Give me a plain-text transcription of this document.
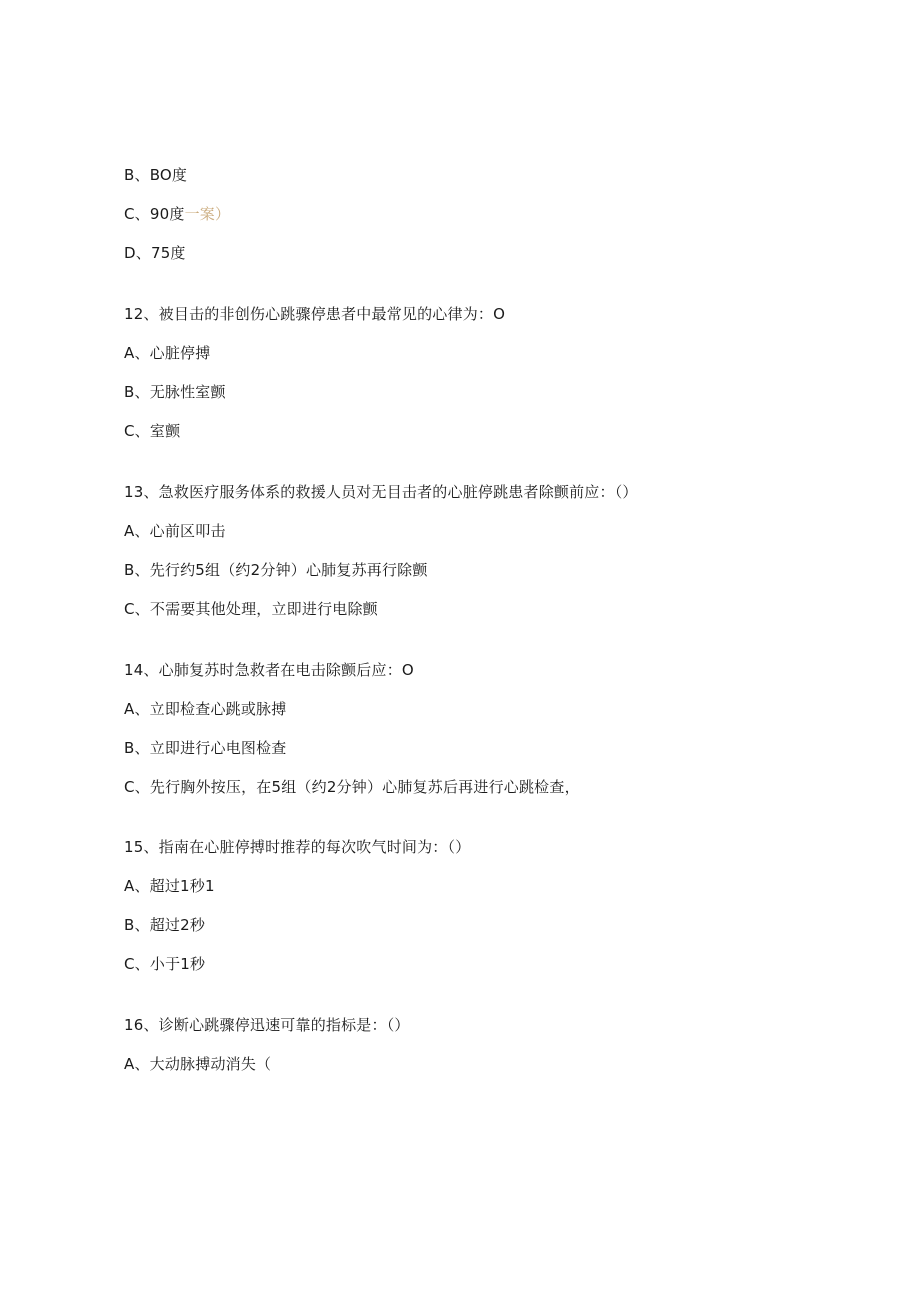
B、BO度
C、90度一案）
D、75度
12、被目击的非创伤心跳骤停患者中最常见的心律为：O
A、心脏停搏
B、无脉性室颤
C、室颤
13、急救医疗服务体系的救援人员对无目击者的心脏停跳患者除颤前应：（）
A、心前区叩击
B、先行约5组（约2分钟）心肺复苏再行除颤
C、不需要其他处理，立即进行电除颤
14、心肺复苏时急救者在电击除颤后应：O
A、立即检查心跳或脉搏
B、立即进行心电图检查
C、先行胸外按压，在5组（约2分钟）心肺复苏后再进行心跳检查，
15、指南在心脏停搏时推荐的每次吹气时间为：（）
A、超过1秒1
B、超过2秒
C、小于1秒
16、诊断心跳骤停迅速可靠的指标是：（）
A、大动脉搏动消失（
